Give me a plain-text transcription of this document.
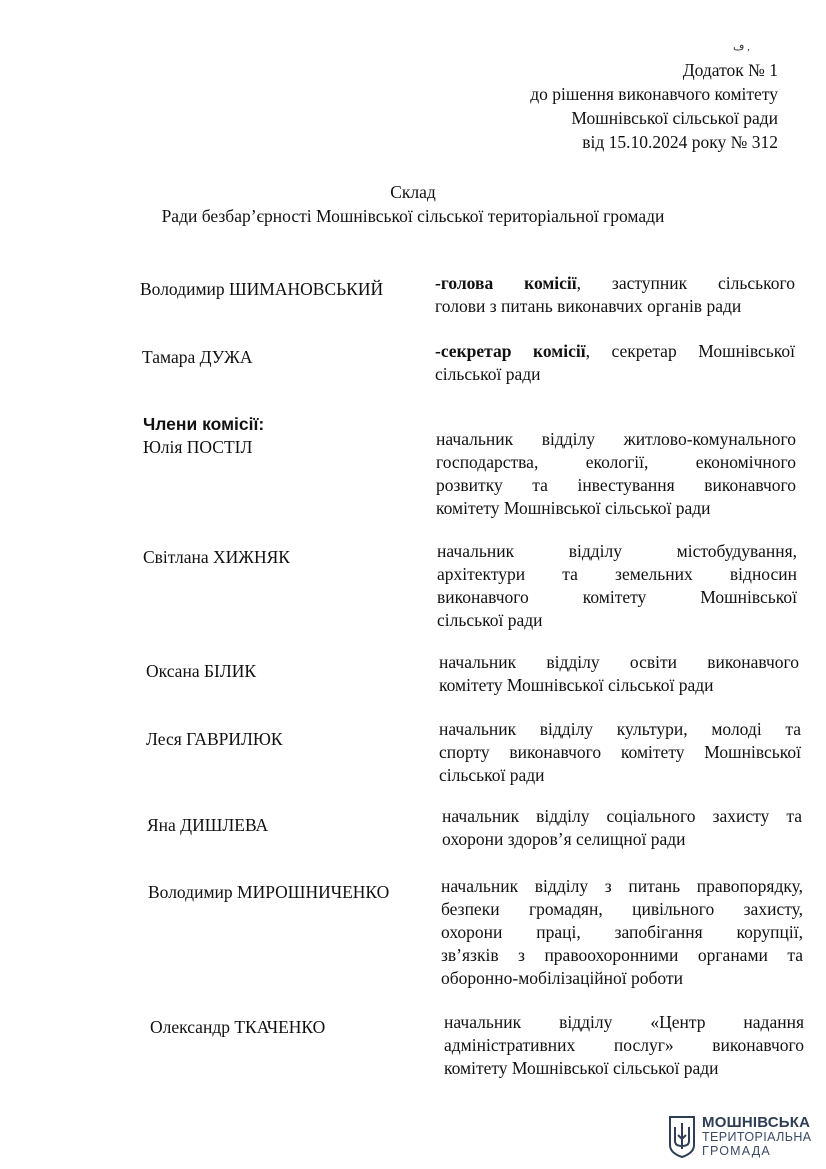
ڡ ,
Додаток № 1
до рішення виконавчого комітету
Мошнівської сільської ради
від 15.10.2024 року № 312
Склад
Ради безбар’єрності Мошнівської сільської територіальної громади
Володимир ШИМАНОВСЬКИЙ	-голова комісії, заступник сільського
голови з питань виконавчих органів ради
Тамара ДУЖА	-секретар комісії, секретар Мошнівської
сільської ради
Члени комісії:
Юлія ПОСТІЛ	начальник відділу житлово-комунального
господарства, екології, економічного
розвитку та інвестування виконавчого
комітету Мошнівської сільської ради
Світлана ХИЖНЯК	начальник відділу містобудування,
архітектури та земельних відносин
виконавчого комітету Мошнівської
сільської ради
Оксана БІЛИК	начальник відділу освіти виконавчого
комітету Мошнівської сільської ради
Леся ГАВРИЛЮК	начальник відділу культури, молоді та
спорту виконавчого комітету Мошнівської
сільської ради
Яна ДИШЛЕВА	начальник відділу соціального захисту та
охорони здоров’я селищної ради
Володимир МИРОШНИЧЕНКО	начальник відділу з питань правопорядку,
безпеки громадян, цивільного захисту,
охорони праці, запобігання корупції,
зв’язків з правоохоронними органами та
оборонно-мобілізаційної роботи
Олександр ТКАЧЕНКО	начальник відділу «Центр надання
адміністративних послуг» виконавчого
комітету Мошнівської сільської ради
МОШНІВСЬКА
ТЕРИТОРІАЛЬНА
ГРОМАДА
